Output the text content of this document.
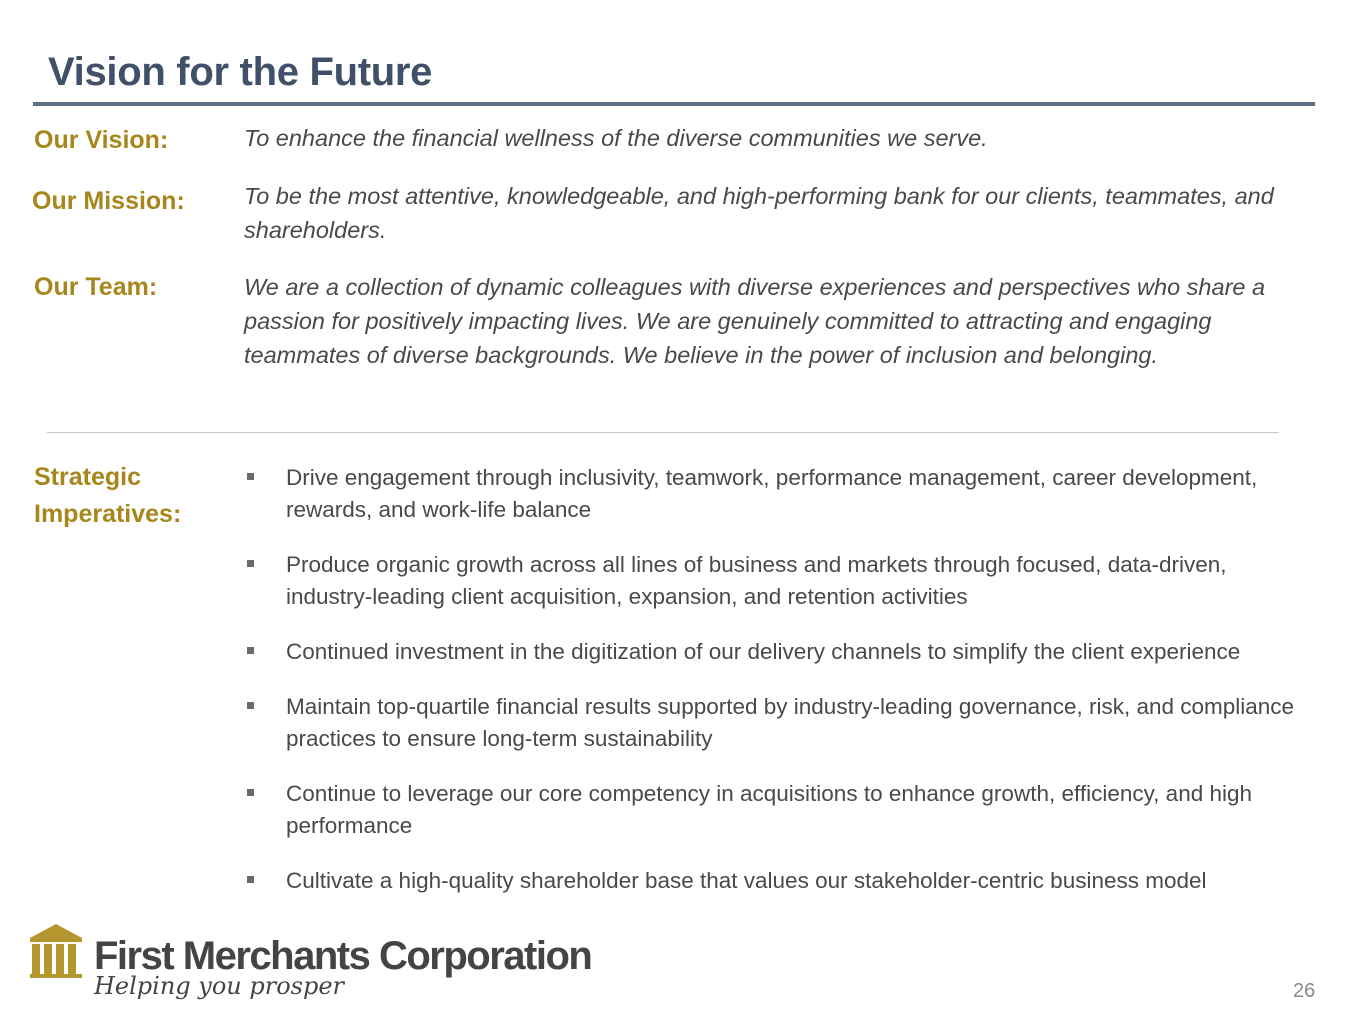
Vision for the Future
Our Vision:	To enhance the financial wellness of the diverse communities we serve.
Our Mission:	To be the most attentive, knowledgeable, and high-performing bank for our clients, teammates, and shareholders.
Our Team:	We are a collection of dynamic colleagues with diverse experiences and perspectives who share a passion for positively impacting lives. We are genuinely committed to attracting and engaging teammates of diverse backgrounds. We believe in the power of inclusion and belonging.
Strategic
Imperatives:
Drive engagement through inclusivity, teamwork, performance management, career development, rewards, and work-life balance
Produce organic growth across all lines of business and markets through focused, data-driven, industry-leading client acquisition, expansion, and retention activities
Continued investment in the digitization of our delivery channels to simplify the client experience
Maintain top-quartile financial results supported by industry-leading governance, risk, and compliance practices to ensure long-term sustainability
Continue to leverage our core competency in acquisitions to enhance growth, efficiency, and high performance
Cultivate a high-quality shareholder base that values our stakeholder-centric business model
First Merchants Corporation
Helping you prosper	26
